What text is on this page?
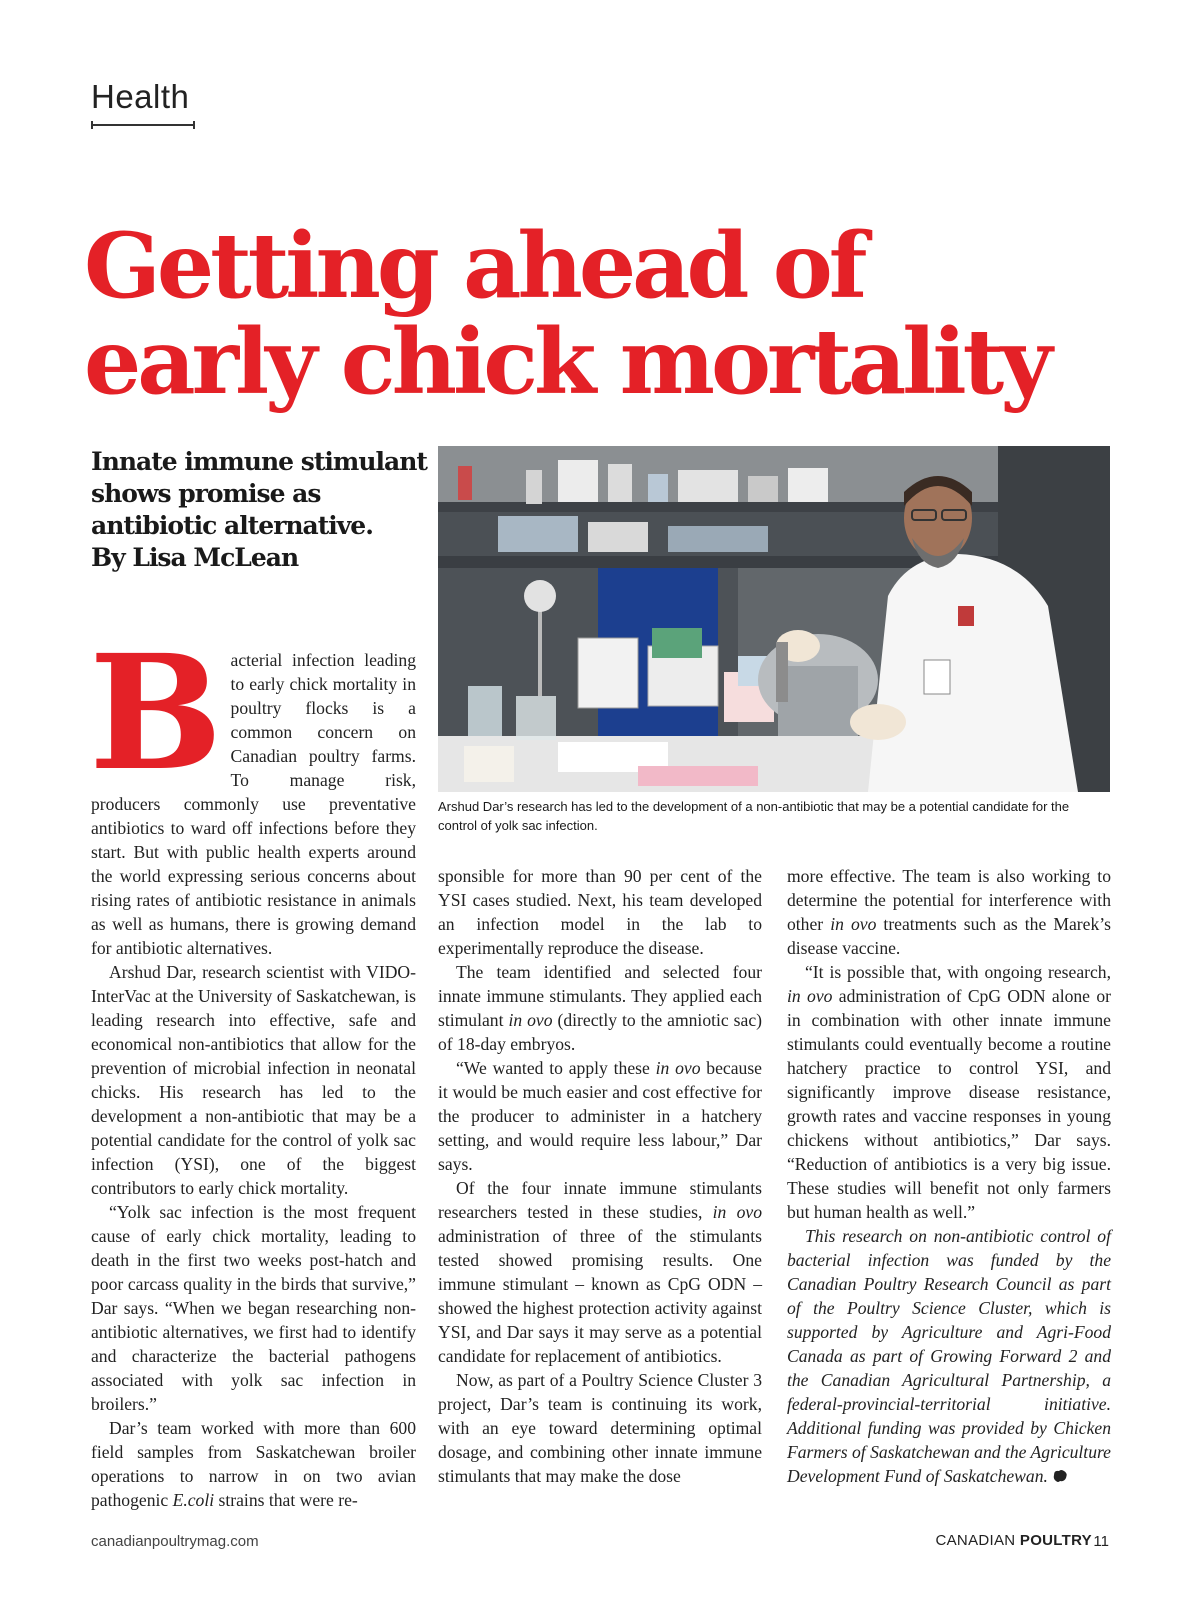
Health
Getting ahead of
early chick mortality
Innate immune stimulant shows promise as antibiotic alternative.
By Lisa McLean
Arshud Dar’s research has led to the development of a non-antibiotic that may be a potential candidate for the control of yolk sac infection.

Bacterial infection leading to early chick mortality in poultry flocks is a common concern on Canadian poultry farms. To manage risk, producers commonly use preventative antibiotics to ward off infections before they start. But with public health experts around the world expressing serious concerns about rising rates of antibiotic resistance in animals as well as humans, there is growing demand for antibiotic alternatives.

Arshud Dar, research scientist with VIDO-InterVac at the University of Saskatchewan, is leading research into effective, safe and economical non-antibiotics that allow for the prevention of microbial infection in neonatal chicks. His research has led to the development a non-antibiotic that may be a potential candidate for the control of yolk sac infection (YSI), one of the biggest contributors to early chick mortality.

“Yolk sac infection is the most frequent cause of early chick mortality, leading to death in the first two weeks post-hatch and poor carcass quality in the birds that survive,” Dar says. “When we began researching non-antibiotic alternatives, we first had to identify and characterize the bacterial pathogens associated with yolk sac infection in broilers.”

Dar’s team worked with more than 600 field samples from Saskatchewan broiler operations to narrow in on two avian pathogenic E.coli strains that were re-

sponsible for more than 90 per cent of the YSI cases studied. Next, his team developed an infection model in the lab to experimentally reproduce the disease.

The team identified and selected four innate immune stimulants. They applied each stimulant in ovo (directly to the amniotic sac) of 18-day embryos.

“We wanted to apply these in ovo because it would be much easier and cost effective for the producer to administer in a hatchery setting, and would require less labour,” Dar says.

Of the four innate immune stimulants researchers tested in these studies, in ovo administration of three of the stimulants tested showed promising results. One immune stimulant – known as CpG ODN – showed the highest protection activity against YSI, and Dar says it may serve as a potential candidate for replacement of antibiotics.

Now, as part of a Poultry Science Cluster 3 project, Dar’s team is continuing its work, with an eye toward determining optimal dosage, and combining other innate immune stimulants that may make the dose

more effective. The team is also working to determine the potential for interference with other in ovo treatments such as the Marek’s disease vaccine.

“It is possible that, with ongoing research, in ovo administration of CpG ODN alone or in combination with other innate immune stimulants could eventually become a routine hatchery practice to control YSI, and significantly improve disease resistance, growth rates and vaccine responses in young chickens without antibiotics,” Dar says. “Reduction of antibiotics is a very big issue. These studies will benefit not only farmers but human health as well.”

This research on non-antibiotic control of bacterial infection was funded by the Canadian Poultry Research Council as part of the Poultry Science Cluster, which is supported by Agriculture and Agri-Food Canada as part of Growing Forward 2 and the Canadian Agricultural Partnership, a federal-provincial-territorial initiative. Additional funding was provided by Chicken Farmers of Saskatchewan and the Agriculture Development Fund of Saskatchewan.

canadianpoultrymag.com	CANADIAN POULTRY 11
